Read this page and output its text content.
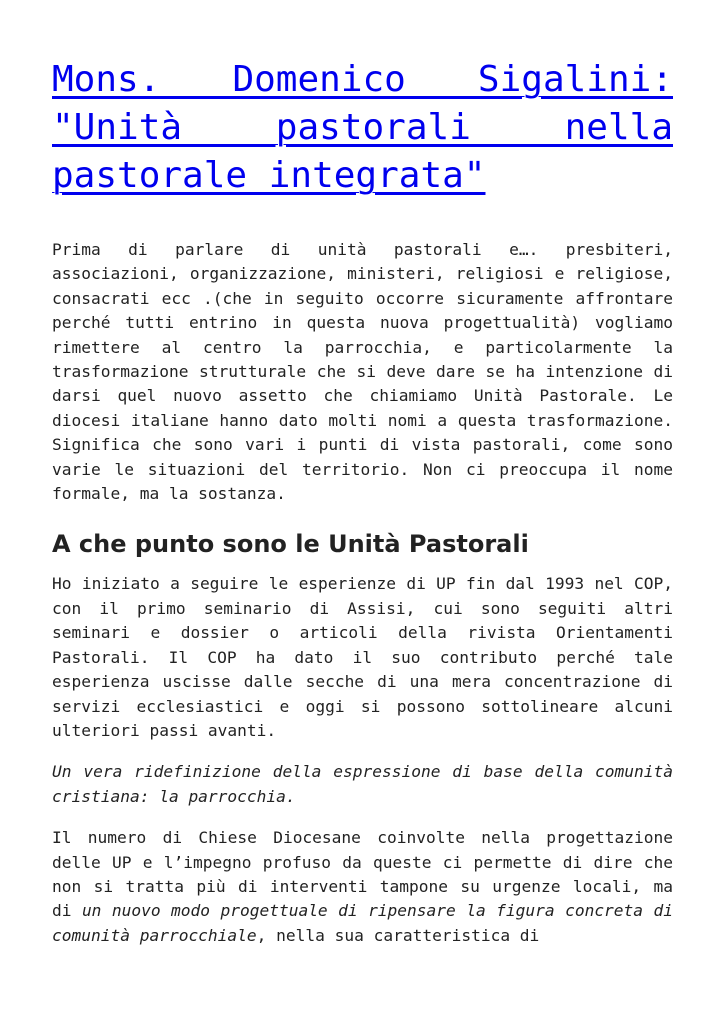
Mons. Domenico Sigalini: "Unità pastorali nella pastorale integrata"

Prima di parlare di unità pastorali e…. presbiteri, associazioni, organizzazione, ministeri, religiosi e religiose, consacrati ecc .(che in seguito occorre sicuramente affrontare perché tutti entrino in questa nuova progettualità) vogliamo rimettere al centro la parrocchia, e particolarmente la trasformazione strutturale che si deve dare se ha intenzione di darsi quel nuovo assetto che chiamiamo Unità Pastorale. Le diocesi italiane hanno dato molti nomi a questa trasformazione. Significa che sono vari i punti di vista pastorali, come sono varie le situazioni del territorio. Non ci preoccupa il nome formale, ma la sostanza.

A che punto sono le Unità Pastorali

Ho iniziato a seguire le esperienze di UP fin dal 1993 nel COP, con il primo seminario di Assisi, cui sono seguiti altri seminari e dossier o articoli della rivista Orientamenti Pastorali. Il COP ha dato il suo contributo perché tale esperienza uscisse dalle secche di una mera concentrazione di servizi ecclesiastici e oggi si possono sottolineare alcuni ulteriori passi avanti.

Un vera ridefinizione della espressione di base della comunità cristiana: la parrocchia.

Il numero di Chiese Diocesane coinvolte nella progettazione delle UP e l’impegno profuso da queste ci permette di dire che non si tratta più di interventi tampone su urgenze locali, ma di un nuovo modo progettuale di ripensare la figura concreta di comunità parrocchiale, nella sua caratteristica di
